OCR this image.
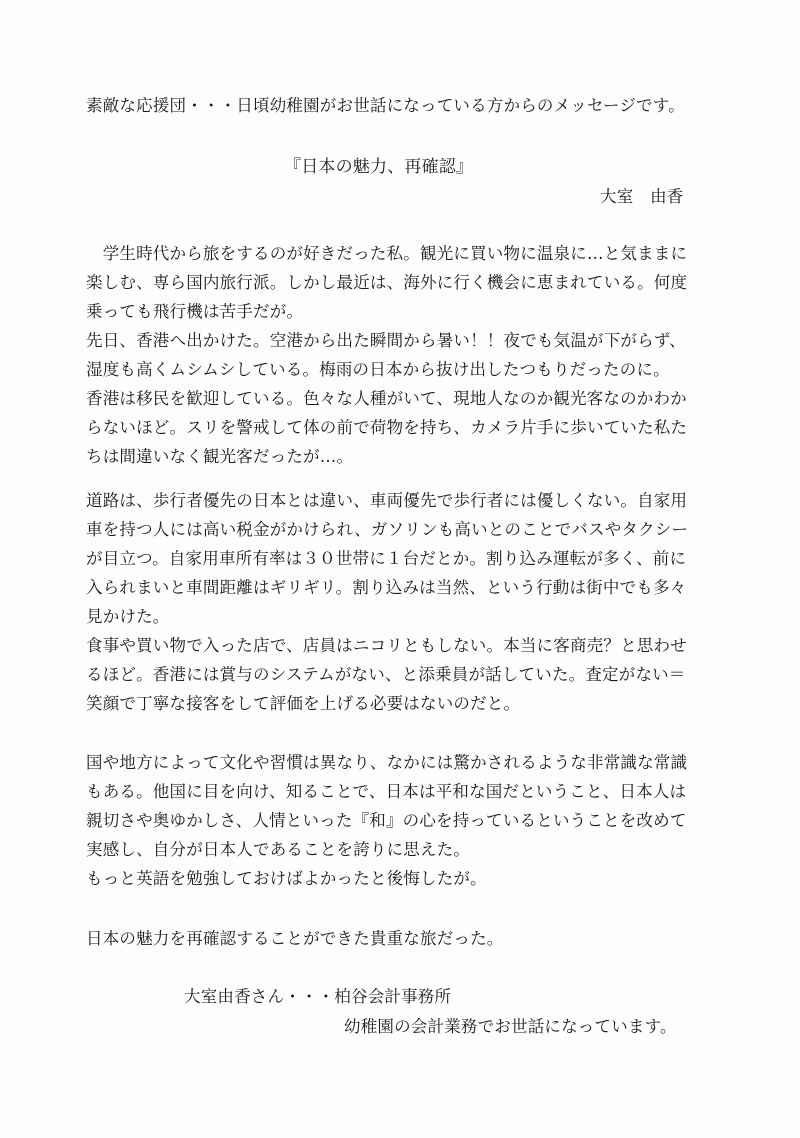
素敵な応援団・・・日頃幼稚園がお世話になっている方からのメッセージです。
『日本の魅力、再確認』
大室　由香
　学生時代から旅をするのが好きだった私。観光に買い物に温泉に…と気ままに
楽しむ、専ら国内旅行派。しかし最近は、海外に行く機会に恵まれている。何度
乗っても飛行機は苦手だが。
先日、香港へ出かけた。空港から出た瞬間から暑い！！夜でも気温が下がらず、
湿度も高くムシムシしている。梅雨の日本から抜け出したつもりだったのに。
香港は移民を歓迎している。色々な人種がいて、現地人なのか観光客なのかわか
らないほど。スリを警戒して体の前で荷物を持ち、カメラ片手に歩いていた私た
ちは間違いなく観光客だったが…。
道路は、歩行者優先の日本とは違い、車両優先で歩行者には優しくない。自家用
車を持つ人には高い税金がかけられ、ガソリンも高いとのことでバスやタクシー
が目立つ。自家用車所有率は３０世帯に１台だとか。割り込み運転が多く、前に
入られまいと車間距離はギリギリ。割り込みは当然、という行動は街中でも多々
見かけた。
食事や買い物で入った店で、店員はニコリともしない。本当に客商売？と思わせ
るほど。香港には賞与のシステムがない、と添乗員が話していた。査定がない＝
笑顔で丁寧な接客をして評価を上げる必要はないのだと。
国や地方によって文化や習慣は異なり、なかには驚かされるような非常識な常識
もある。他国に目を向け、知ることで、日本は平和な国だということ、日本人は
親切さや奥ゆかしさ、人情といった『和』の心を持っているということを改めて
実感し、自分が日本人であることを誇りに思えた。
もっと英語を勉強しておけばよかったと後悔したが。
日本の魅力を再確認することができた貴重な旅だった。
大室由香さん・・・柏谷会計事務所
幼稚園の会計業務でお世話になっています。
